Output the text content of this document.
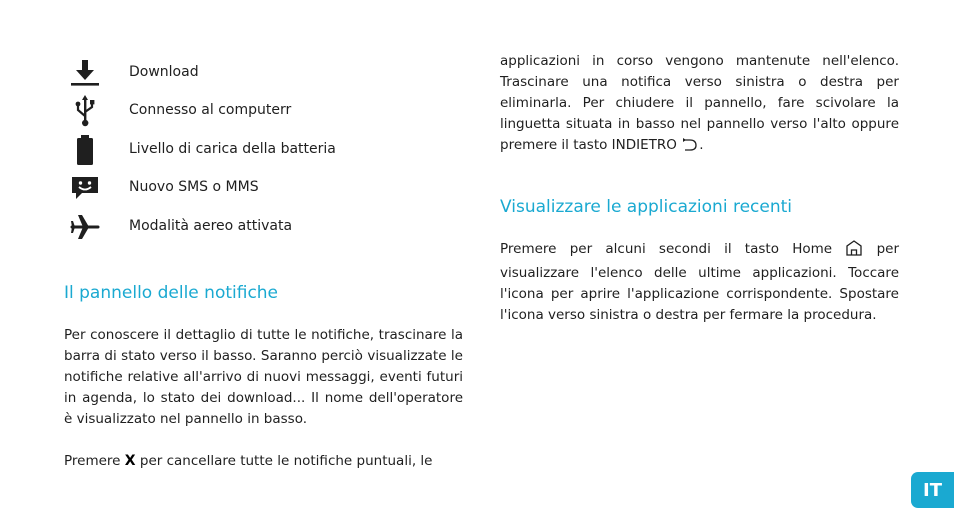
Download
Connesso al computerr
Livello di carica della batteria
Nuovo SMS o MMS
Modalità aereo attivata
Il pannello delle notifiche

Per conoscere il dettaglio di tutte le notifiche, trascinare la barra di stato verso il basso. Saranno perciò visualizzate le notifiche relative all'arrivo di nuovi messaggi, eventi futuri in agenda, lo stato dei download... Il nome dell'operatore è visualizzato nel pannello in basso.

Premere X per cancellare tutte le notifiche puntuali, le

applicazioni in corso vengono mantenute nell'elenco. Trascinare una notifica verso sinistra o destra per eliminarla. Per chiudere il pannello, fare scivolare la linguetta situata in basso nel pannello verso l'alto oppure premere il tasto INDIETRO .

Visualizzare le applicazioni recenti

Premere per alcuni secondi il tasto Home	per visualizzare l'elenco delle ultime applicazioni. Toccare l'icona per aprire l'applicazione corrispondente. Spostare l'icona verso sinistra o destra per fermare la procedura.

IT
